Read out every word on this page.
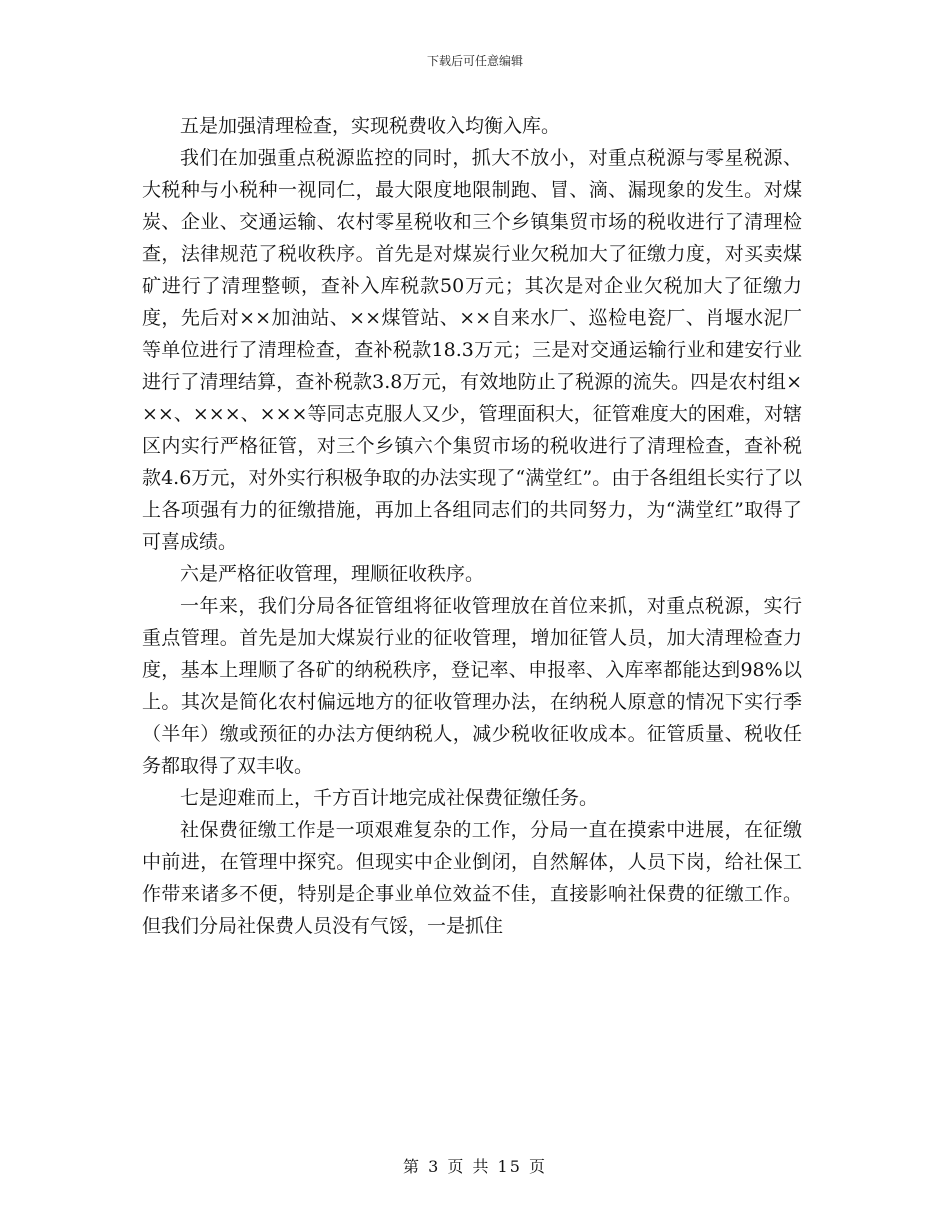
下载后可任意编辑

五是加强清理检查，实现税费收入均衡入库。

我们在加强重点税源监控的同时，抓大不放小，对重点税源与零星税源、大税种与小税种一视同仁，最大限度地限制跑、冒、滴、漏现象的发生。对煤炭、企业、交通运输、农村零星税收和三个乡镇集贸市场的税收进行了清理检查，法律规范了税收秩序。首先是对煤炭行业欠税加大了征缴力度，对买卖煤矿进行了清理整顿，查补入库税款50万元；其次是对企业欠税加大了征缴力度，先后对××加油站、××煤管站、××自来水厂、巡检电瓷厂、肖堰水泥厂等单位进行了清理检查，查补税款18.3万元；三是对交通运输行业和建安行业进行了清理结算，查补税款3.8万元，有效地防止了税源的流失。四是农村组×××、×××、×××等同志克服人又少，管理面积大，征管难度大的困难，对辖区内实行严格征管，对三个乡镇六个集贸市场的税收进行了清理检查，查补税款4.6万元，对外实行积极争取的办法实现了“满堂红”。由于各组组长实行了以上各项强有力的征缴措施，再加上各组同志们的共同努力，为“满堂红”取得了可喜成绩。

六是严格征收管理，理顺征收秩序。

一年来，我们分局各征管组将征收管理放在首位来抓，对重点税源，实行重点管理。首先是加大煤炭行业的征收管理，增加征管人员，加大清理检查力度，基本上理顺了各矿的纳税秩序，登记率、申报率、入库率都能达到98%以上。其次是简化农村偏远地方的征收管理办法，在纳税人原意的情况下实行季（半年）缴或预征的办法方便纳税人，减少税收征收成本。征管质量、税收任务都取得了双丰收。

七是迎难而上，千方百计地完成社保费征缴任务。

社保费征缴工作是一项艰难复杂的工作，分局一直在摸索中进展，在征缴中前进，在管理中探究。但现实中企业倒闭，自然解体，人员下岗，给社保工作带来诸多不便，特别是企事业单位效益不佳，直接影响社保费的征缴工作。但我们分局社保费人员没有气馁，一是抓住

第 3 页 共 15 页
